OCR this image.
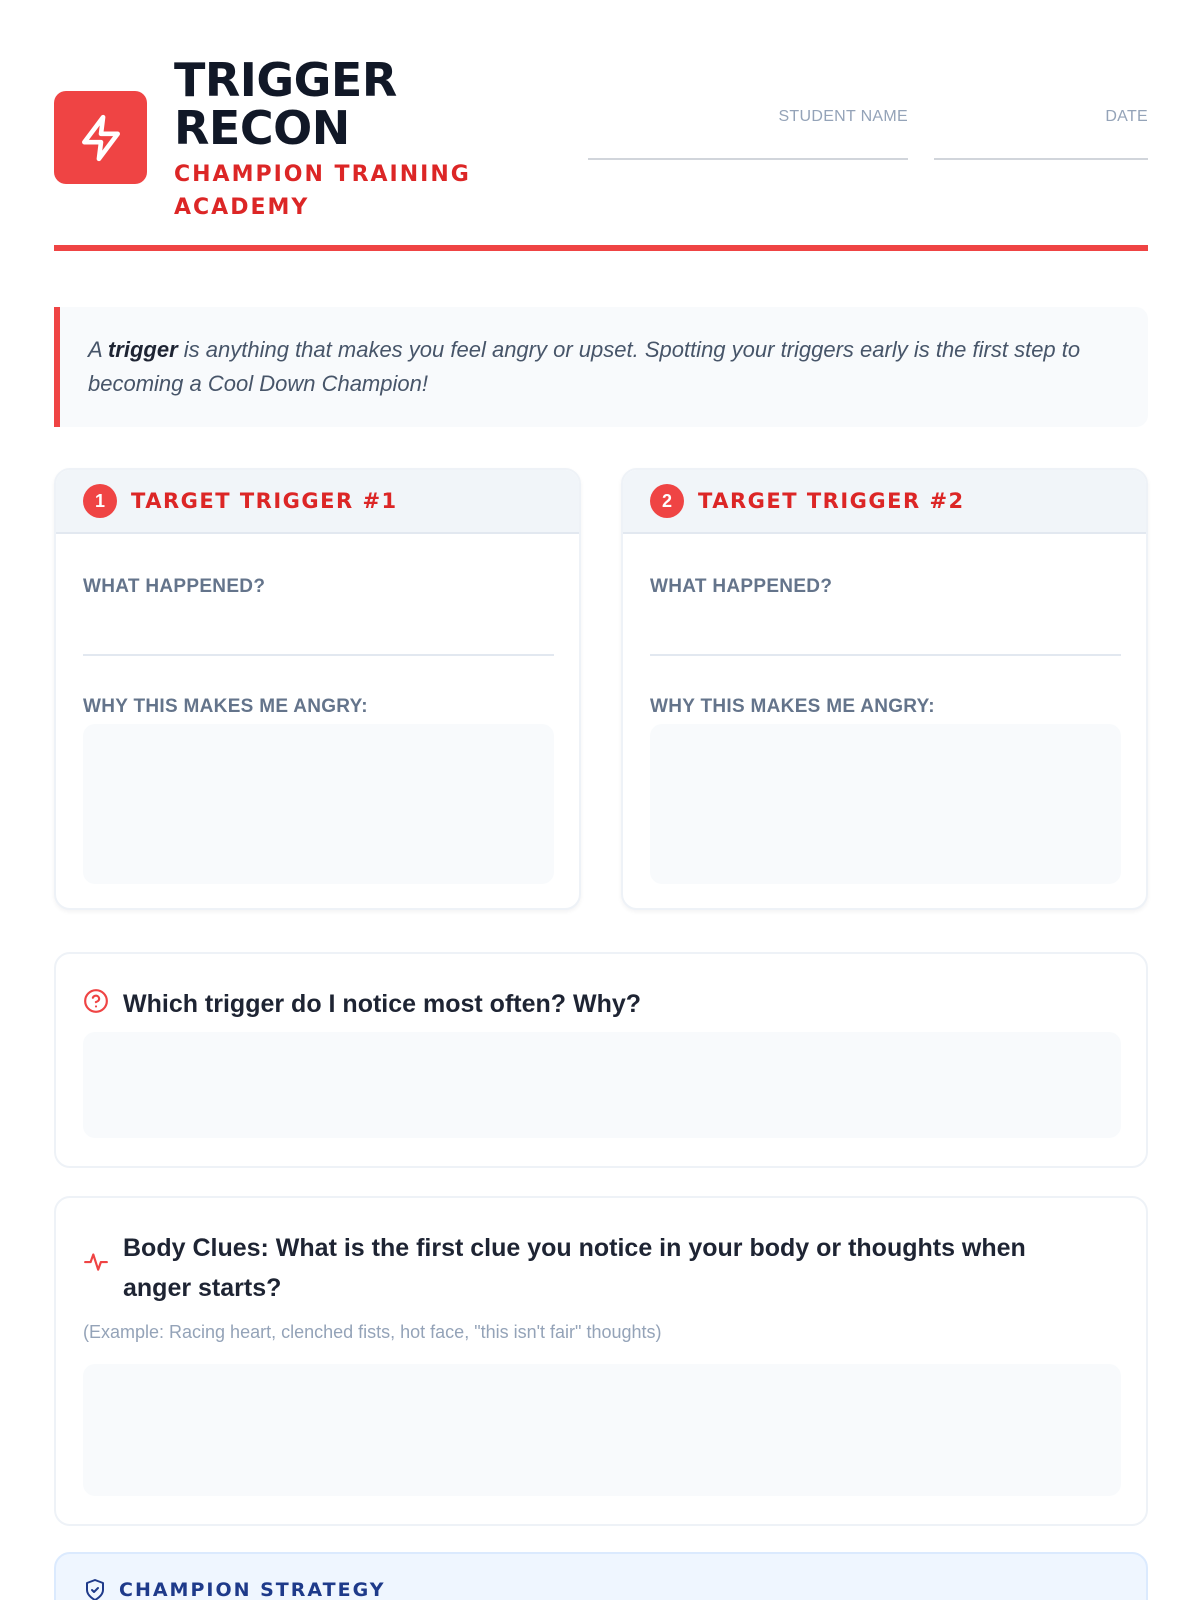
TRIGGER
RECON
CHAMPION TRAINING ACADEMY
STUDENT NAME	DATE
A trigger is anything that makes you feel angry or upset. Spotting your triggers early is the first step to becoming a Cool Down Champion!
1	TARGET TRIGGER #1
WHAT HAPPENED?
WHY THIS MAKES ME ANGRY:
2	TARGET TRIGGER #2
WHAT HAPPENED?
WHY THIS MAKES ME ANGRY:
Which trigger do I notice most often? Why?
Body Clues: What is the first clue you notice in your body or thoughts when anger starts?
(Example: Racing heart, clenched fists, hot face, "this isn't fair" thoughts)
CHAMPION STRATEGY
